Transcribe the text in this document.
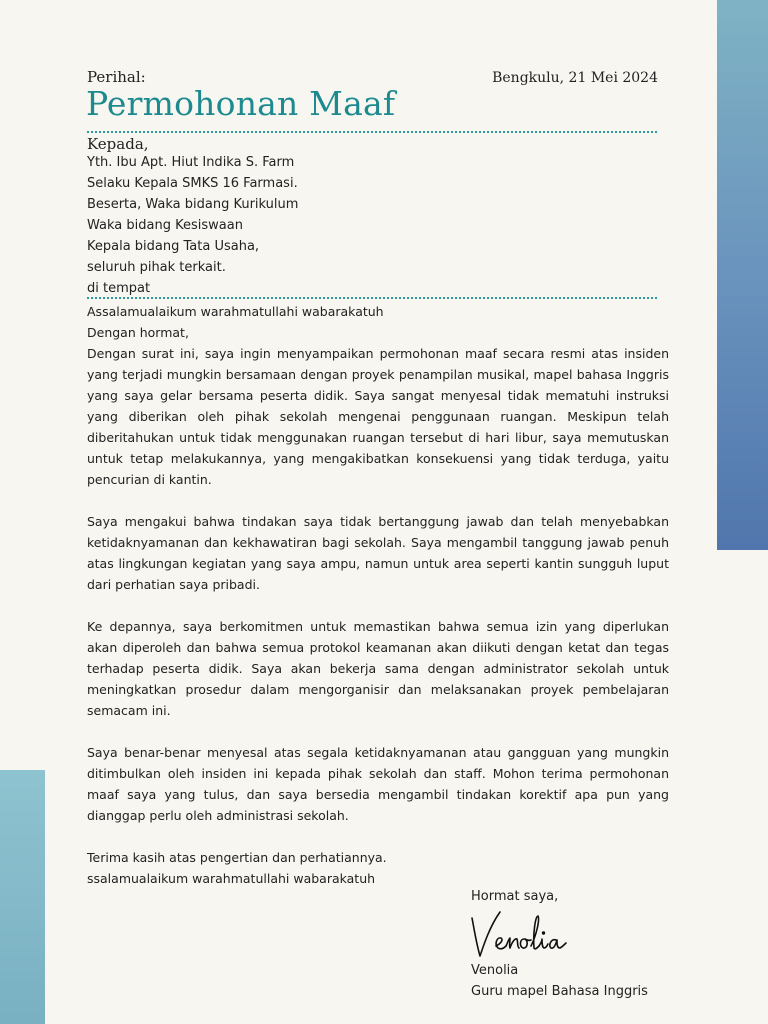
Perihal:	Bengkulu, 21 Mei 2024
Permohonan Maaf
Kepada,
Yth. Ibu Apt. Hiut Indika S. Farm
Selaku Kepala SMKS 16 Farmasi.
Beserta, Waka bidang Kurikulum
Waka bidang Kesiswaan
Kepala bidang Tata Usaha,
seluruh pihak terkait.
di tempat
Assalamualaikum warahmatullahi wabarakatuh
Dengan hormat,

Dengan surat ini, saya ingin menyampaikan permohonan maaf secara resmi atas insiden yang terjadi mungkin bersamaan dengan proyek penampilan musikal, mapel bahasa Inggris yang saya gelar bersama peserta didik. Saya sangat menyesal tidak mematuhi instruksi yang diberikan oleh pihak sekolah mengenai penggunaan ruangan. Meskipun telah diberitahukan untuk tidak menggunakan ruangan tersebut di hari libur, saya memutuskan untuk tetap melakukannya, yang mengakibatkan konsekuensi yang tidak terduga, yaitu pencurian di kantin.

Saya mengakui bahwa tindakan saya tidak bertanggung jawab dan telah menyebabkan ketidaknyamanan dan kekhawatiran bagi sekolah. Saya mengambil tanggung jawab penuh atas lingkungan kegiatan yang saya ampu, namun untuk area seperti kantin sungguh luput dari perhatian saya pribadi.

Ke depannya, saya berkomitmen untuk memastikan bahwa semua izin yang diperlukan akan diperoleh dan bahwa semua protokol keamanan akan diikuti dengan ketat dan tegas terhadap peserta didik. Saya akan bekerja sama dengan administrator sekolah untuk meningkatkan prosedur dalam mengorganisir dan melaksanakan proyek pembelajaran semacam ini.

Saya benar-benar menyesal atas segala ketidaknyamanan atau gangguan yang mungkin ditimbulkan oleh insiden ini kepada pihak sekolah dan staff. Mohon terima permohonan maaf saya yang tulus, dan saya bersedia mengambil tindakan korektif apa pun yang dianggap perlu oleh administrasi sekolah.

Terima kasih atas pengertian dan perhatiannya.
ssalamualaikum warahmatullahi wabarakatuh
Hormat saya,
Venolia
Venolia
Guru mapel Bahasa Inggris
